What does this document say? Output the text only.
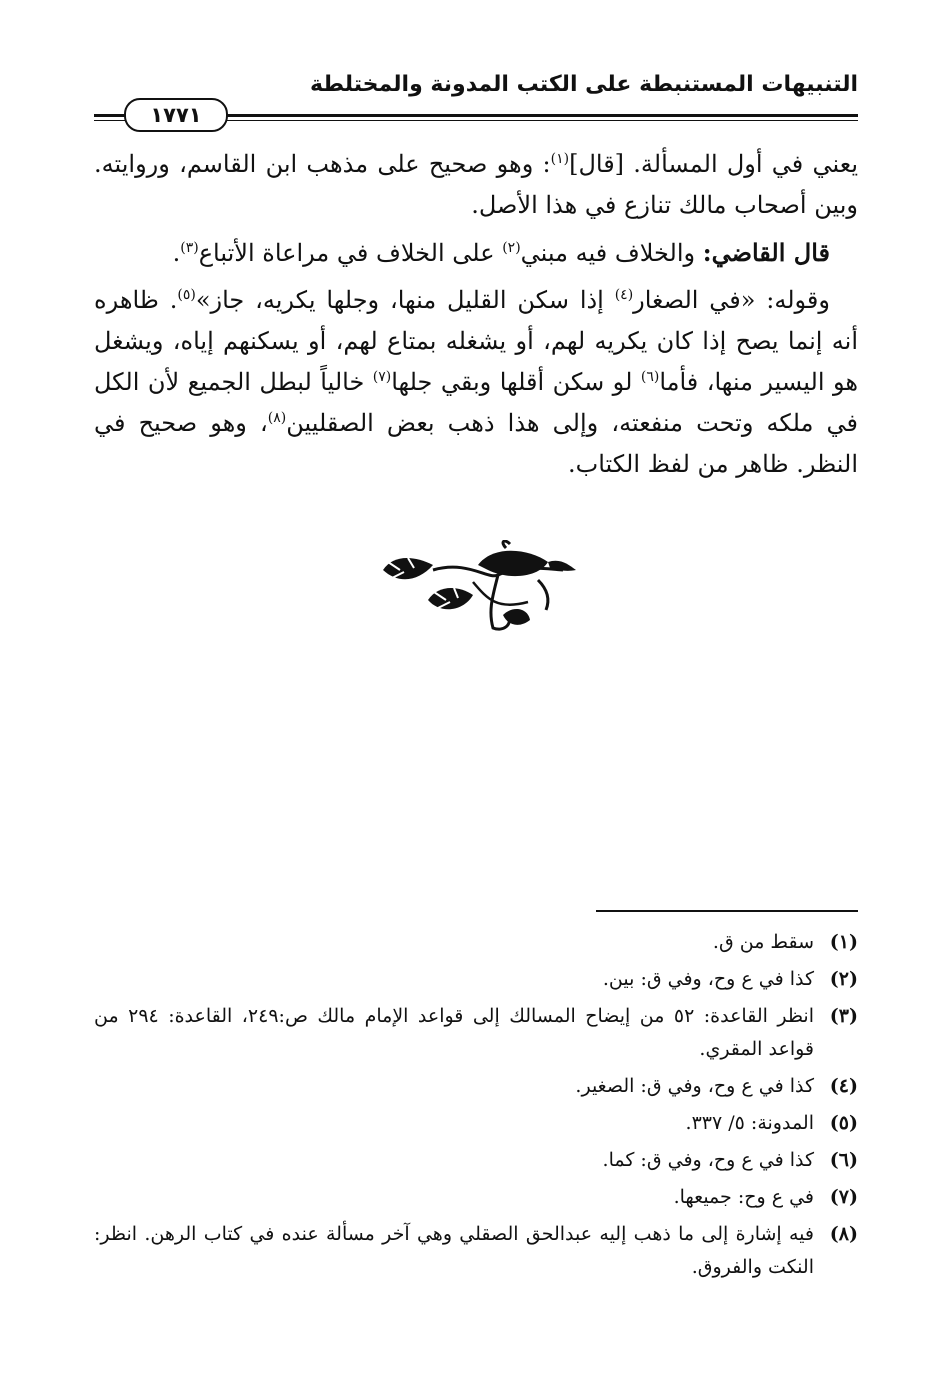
التنبيهات المستنبطة على الكتب المدونة والمختلطة
١٧٧١

يعني في أول المسألة. [قال]$^{(١)}$: وهو صحيح على مذهب ابن القاسم، وروايته. وبين أصحاب مالك تنازع في هذا الأصل.

قال القاضي: والخلاف فيه مبني$^{(٢)}$ على الخلاف في مراعاة الأتباع$^{(٣)}$.

وقوله: «في الصغار$^{(٤)}$ إذا سكن القليل منها، وجلها يكريه، جاز»$^{(٥)}$. ظاهره أنه إنما يصح إذا كان يكريه لهم، أو يشغله بمتاع لهم، أو يسكنهم إياه، ويشغل هو اليسير منها، فأما$^{(٦)}$ لو سكن أقلها وبقي جلها$^{(٧)}$ خالياً لبطل الجميع لأن الكل في ملكه وتحت منفعته، وإلى هذا ذهب بعض الصقليين$^{(٨)}$، وهو صحيح في النظر. ظاهر من لفظ الكتاب.

(١)
سقط من ق.
(٢)
كذا في ع وح، وفي ق: بين.
(٣)
انظر القاعدة: ٥٢ من إيضاح المسالك إلى قواعد الإمام مالك ص:٢٤٩، القاعدة: ٢٩٤ من قواعد المقري.
(٤)
كذا في ع وح، وفي ق: الصغير.
(٥)
المدونة: ٥/ ٣٣٧.
(٦)
كذا في ع وح، وفي ق: كما.
(٧)
في ع وح: جميعها.
(٨)
فيه إشارة إلى ما ذهب إليه عبدالحق الصقلي وهي آخر مسألة عنده في كتاب الرهن. انظر: النكت والفروق.
